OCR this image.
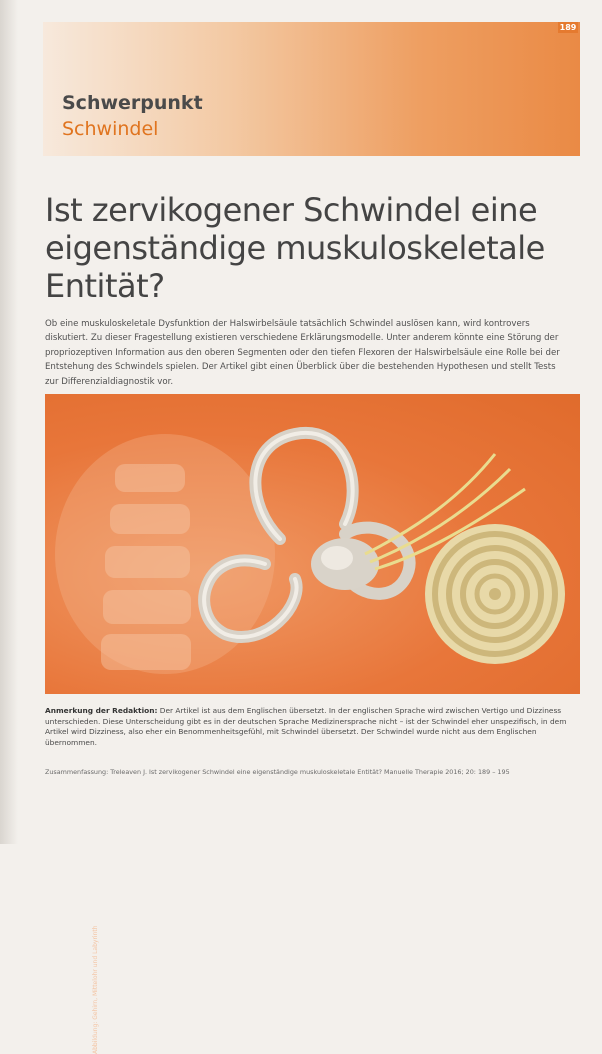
189
Schwerpunkt
Schwindel
Ist zervikogener Schwindel eine eigenständige muskuloskeletale Entität?

Ob eine muskuloskeletale Dysfunktion der Halswirbelsäule tatsächlich Schwindel auslösen kann, wird kontrovers diskutiert. Zu dieser Fragestellung existieren verschiedene Erklärungsmodelle. Unter anderem könnte eine Störung der propriozeptiven Information aus den oberen Segmenten oder den tiefen Flexoren der Halswirbelsäule eine Rolle bei der Entstehung des Schwindels spielen. Der Artikel gibt einen Überblick über die bestehenden Hypothesen und stellt Tests zur Differenzialdiagnostik vor.

Abbildung: Gehirn, Mittelohr und Labyrinth

Anmerkung der Redaktion: Der Artikel ist aus dem Englischen übersetzt. In der englischen Sprache wird zwischen Vertigo und Dizziness unterschieden. Diese Unterscheidung gibt es in der deutschen Sprache Medizinersprache nicht – ist der Schwindel eher unspezifisch, in dem Artikel wird Dizziness, also eher ein Benommenheitsgefühl, mit Schwindel übersetzt. Der Schwindel wurde nicht aus dem Englischen übernommen.

Zusammenfassung: Treleaven J. Ist zervikogener Schwindel eine eigenständige muskuloskeletale Entität? Manuelle Therapie 2016; 20: 189 – 195
